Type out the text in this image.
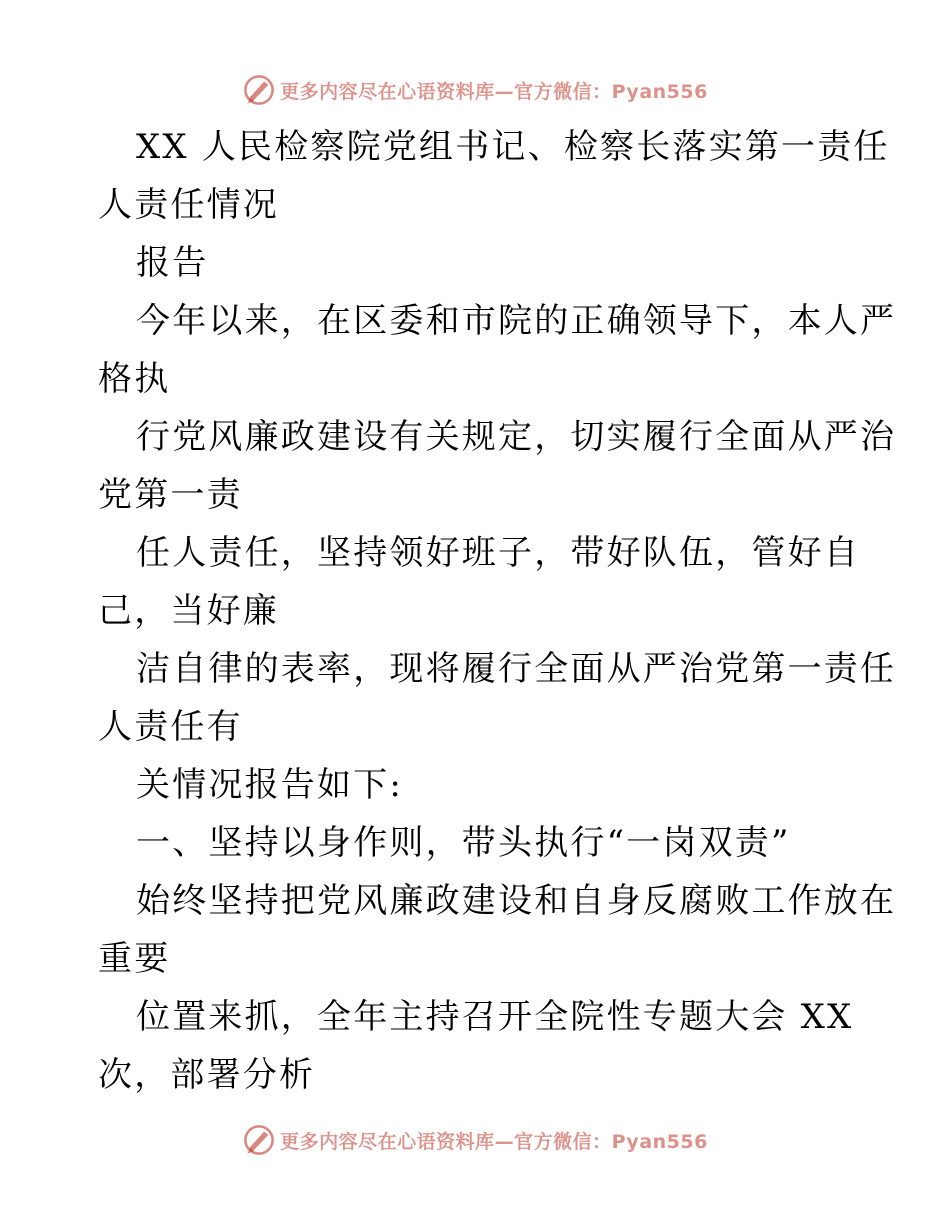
更多内容尽在心语资料库—官方微信：Pyan556
XX 人民检察院党组书记、检察长落实第一责任
人责任情况
报告
今年以来，在区委和市院的正确领导下，本人严
格执
行党风廉政建设有关规定，切实履行全面从严治
党第一责
任人责任，坚持领好班子，带好队伍，管好自
己，当好廉
洁自律的表率，现将履行全面从严治党第一责任
人责任有
关情况报告如下:
一、坚持以身作则，带头执行“一岗双责”
始终坚持把党风廉政建设和自身反腐败工作放在
重要
位置来抓，全年主持召开全院性专题大会 XX
次，部署分析
更多内容尽在心语资料库—官方微信：Pyan556
